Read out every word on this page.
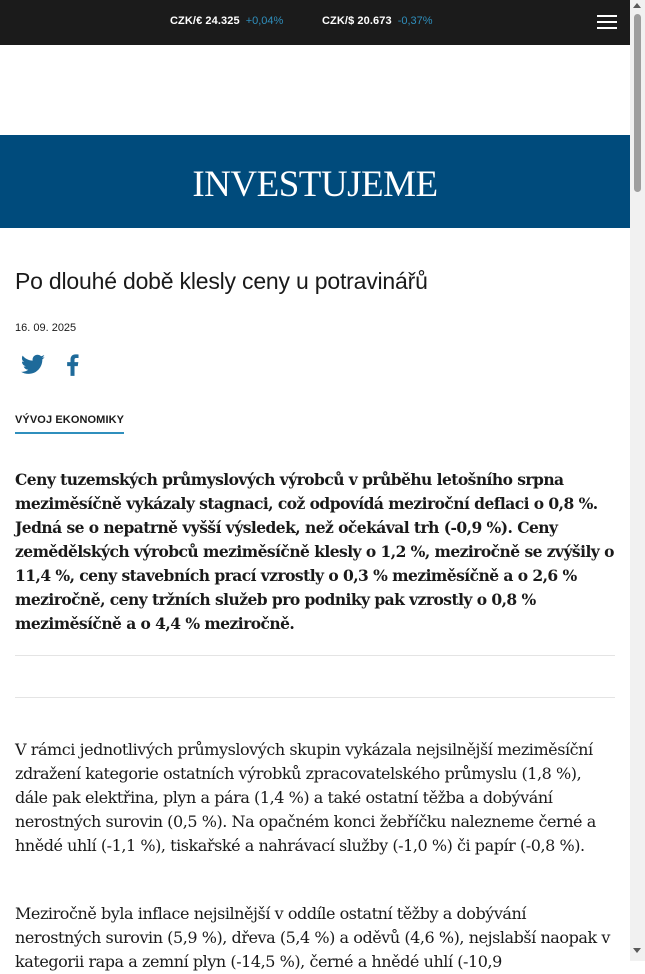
CZK/€ 24.325 +0,04%	CZK/$ 20.673 -0,37%
INVESTUJEME
Po dlouhé době klesly ceny u potravinářů
16. 09. 2025
VÝVOJ EKONOMIKY

Ceny tuzemských průmyslových výrobců v průběhu letošního srpna meziměsíčně vykázaly stagnaci, což odpovídá meziroční deflaci o 0,8 %. Jedná se o nepatrně vyšší výsledek, než očekával trh (-0,9 %). Ceny zemědělských výrobců meziměsíčně klesly o 1,2 %, meziročně se zvýšily o 11,4 %, ceny stavebních prací vzrostly o 0,3 % meziměsíčně a o 2,6 % meziročně, ceny tržních služeb pro podniky pak vzrostly o 0,8 % meziměsíčně a o 4,4 % meziročně.

V rámci jednotlivých průmyslových skupin vykázala nejsilnější meziměsíční zdražení kategorie ostatních výrobků zpracovatelského průmyslu (1,8 %), dále pak elektřina, plyn a pára (1,4 %) a také ostatní těžba a dobývání nerostných surovin (0,5 %). Na opačném konci žebříčku nalezneme černé a hnědé uhlí (-1,1 %), tiskařské a nahrávací služby (-1,0 %) či papír (-0,8 %).

Meziročně byla inflace nejsilnější v oddíle ostatní těžby a dobývání nerostných surovin (5,9 %), dřeva (5,4 %) a oděvů (4,6 %), nejslabší naopak v kategorii rapa a zemní plyn (-14,5 %), černé a hnědé uhlí (-10,9
